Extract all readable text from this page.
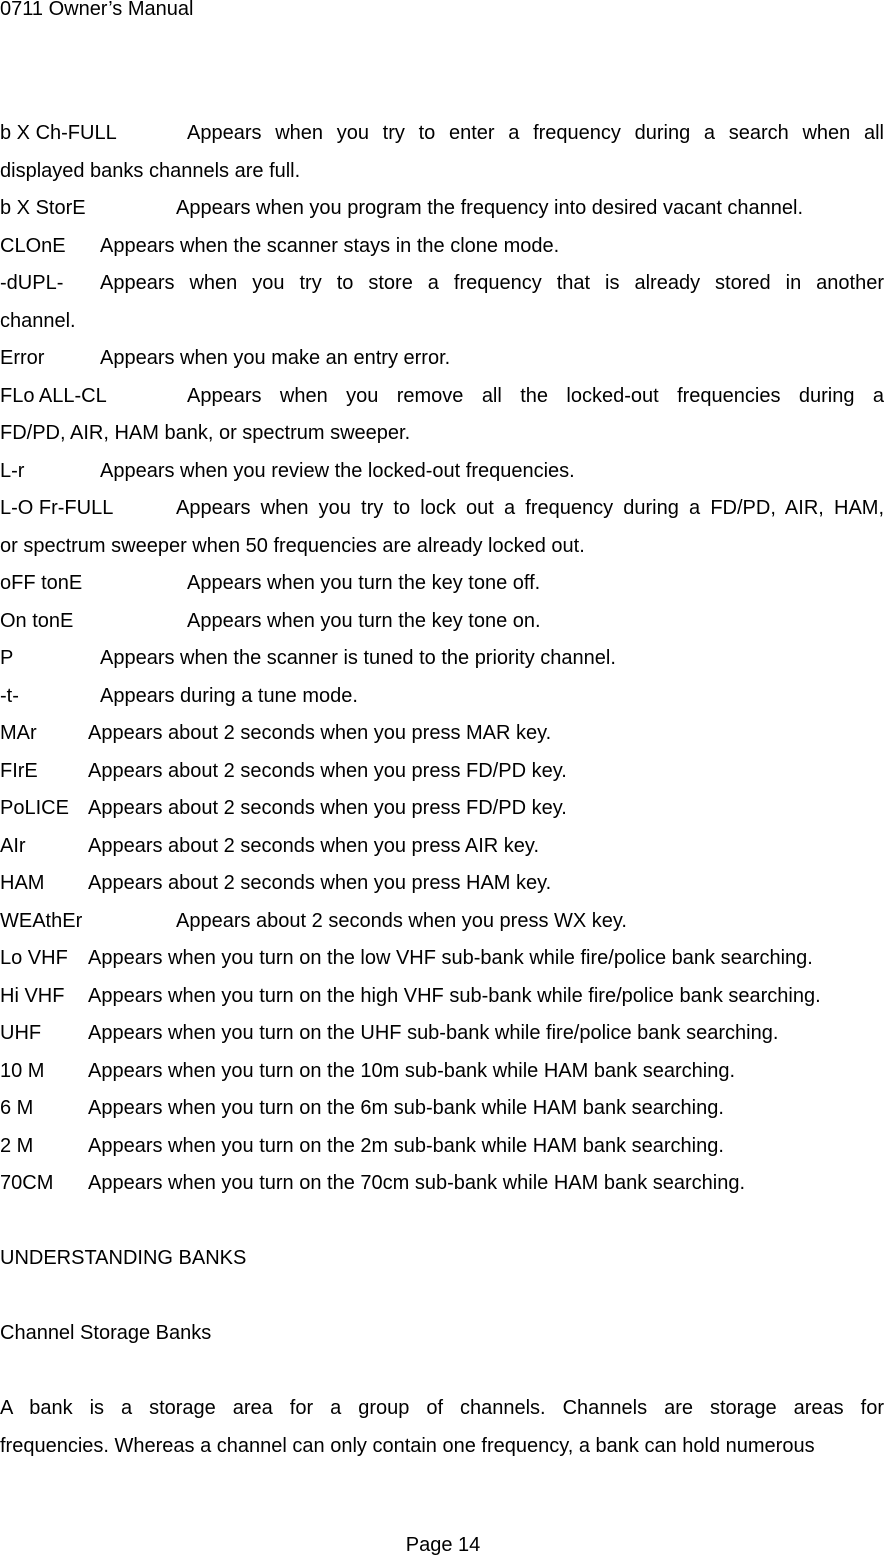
0711 Owner’s Manual
b X Ch-FULL	Appears when you try to enter a frequency during a search when all
displayed banks channels are full.
b X StorE	Appears when you program the frequency into desired vacant channel.
CLOnE Appears when the scanner stays in the clone mode.
-dUPL- Appears when you try to store a frequency that is already stored in another
channel.
Error	Appears when you make an entry error.
FLo ALL-CL	Appears when you remove all the locked-out frequencies during a
FD/PD, AIR, HAM bank, or spectrum sweeper.
L-r	Appears when you review the locked-out frequencies.
L-O Fr-FULL	Appears when you try to lock out a frequency during a FD/PD, AIR, HAM,
or spectrum sweeper when 50 frequencies are already locked out.
oFF tonE	Appears when you turn the key tone off.
On tonE	Appears when you turn the key tone on.
P	Appears when the scanner is tuned to the priority channel.
-t-	Appears during a tune mode.
MAr	Appears about 2 seconds when you press MAR key.
FIrE	Appears about 2 seconds when you press FD/PD key.
PoLICE Appears about 2 seconds when you press FD/PD key.
AIr	Appears about 2 seconds when you press AIR key.
HAM Appears about 2 seconds when you press HAM key.
WEAthEr	Appears about 2 seconds when you press WX key.
Lo VHF Appears when you turn on the low VHF sub-bank while fire/police bank searching.
Hi VHF Appears when you turn on the high VHF sub-bank while fire/police bank searching.
UHF Appears when you turn on the UHF sub-bank while fire/police bank searching.
10 M Appears when you turn on the 10m sub-bank while HAM bank searching.
6 M	Appears when you turn on the 6m sub-bank while HAM bank searching.
2 M	Appears when you turn on the 2m sub-bank while HAM bank searching.
70CM Appears when you turn on the 70cm sub-bank while HAM bank searching.
UNDERSTANDING BANKS
Channel Storage Banks
A bank is a storage area for a group of channels. Channels are storage areas for
frequencies. Whereas a channel can only contain one frequency, a bank can hold numerous
Page 14
